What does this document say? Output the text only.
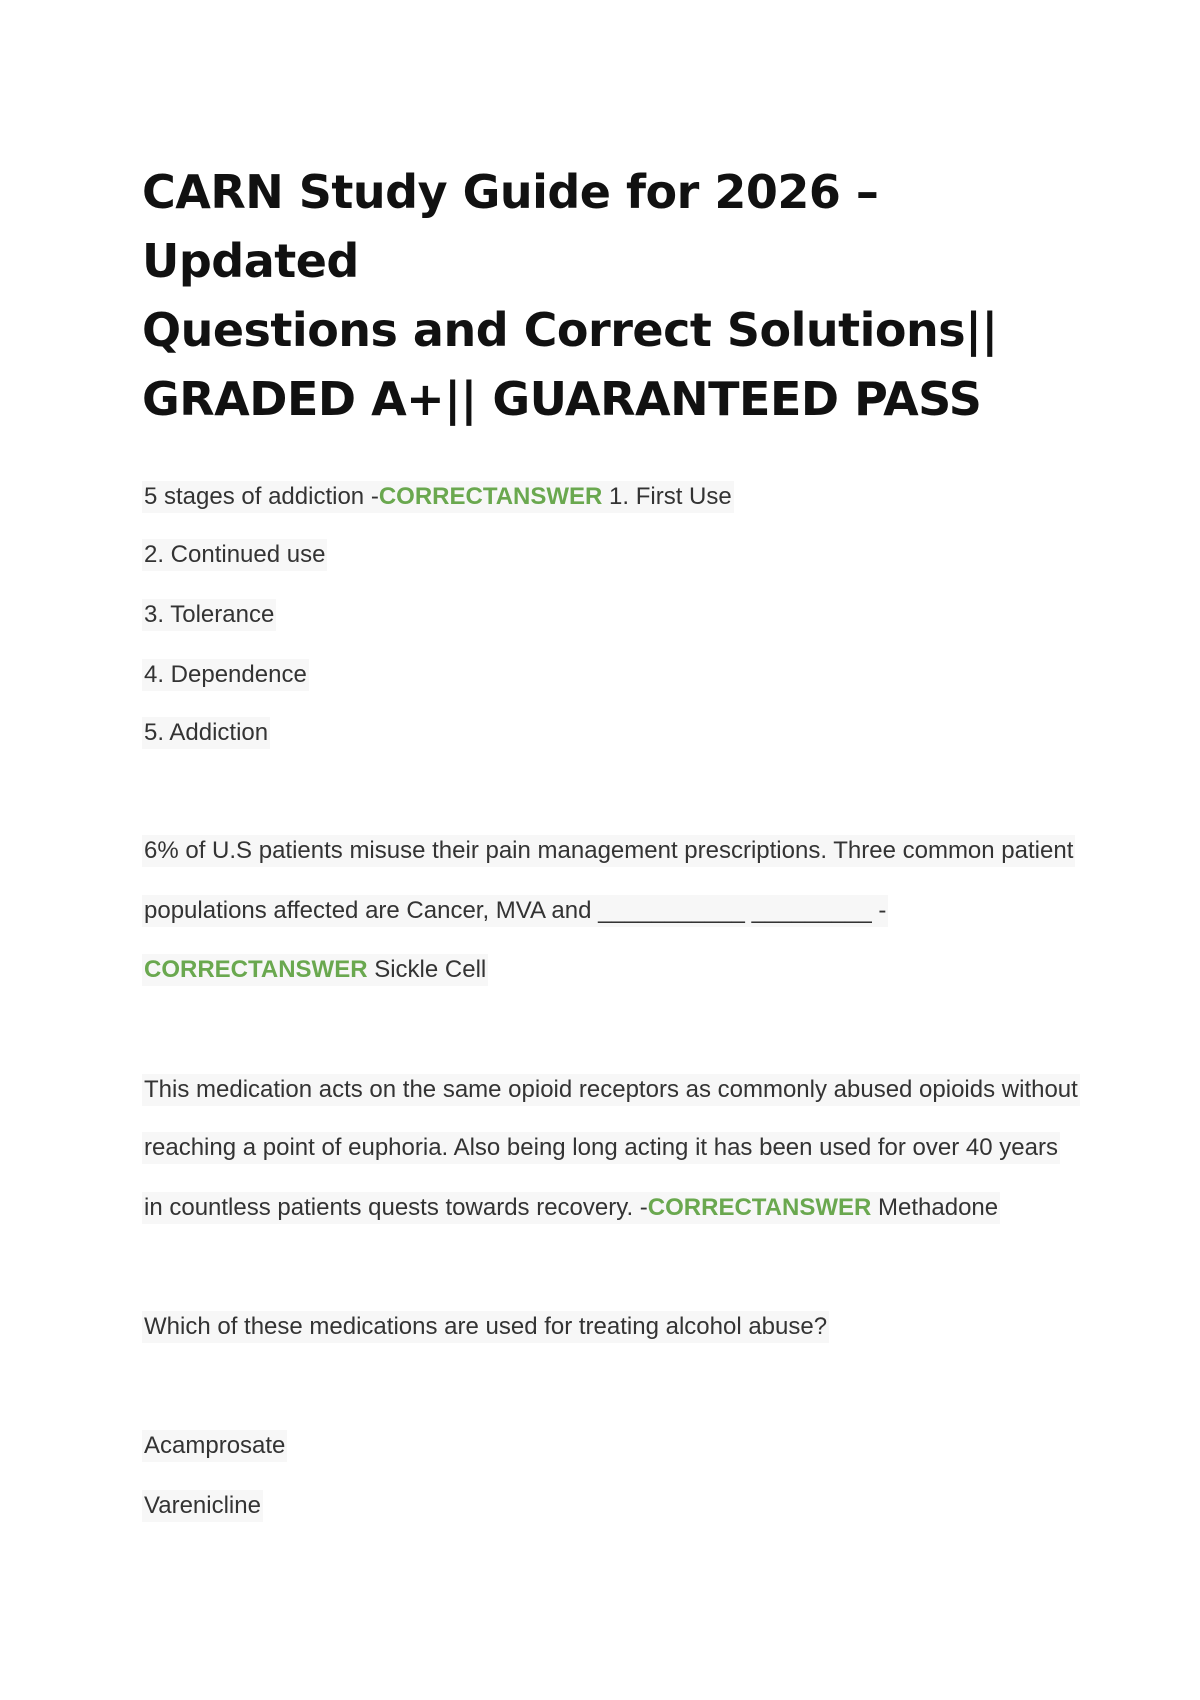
CARN Study Guide for 2026 – Updated
Questions and Correct Solutions||
GRADED A+|| GUARANTEED PASS
5 stages of addiction -CORRECTANSWER 1. First Use
2. Continued use
3. Tolerance
4. Dependence
5. Addiction
6% of U.S patients misuse their pain management prescriptions. Three common patient
populations affected are Cancer, MVA and ___________ _________ -
CORRECTANSWER Sickle Cell
This medication acts on the same opioid receptors as commonly abused opioids without
reaching a point of euphoria. Also being long acting it has been used for over 40 years
in countless patients quests towards recovery. -CORRECTANSWER Methadone
Which of these medications are used for treating alcohol abuse?
Acamprosate
Varenicline
